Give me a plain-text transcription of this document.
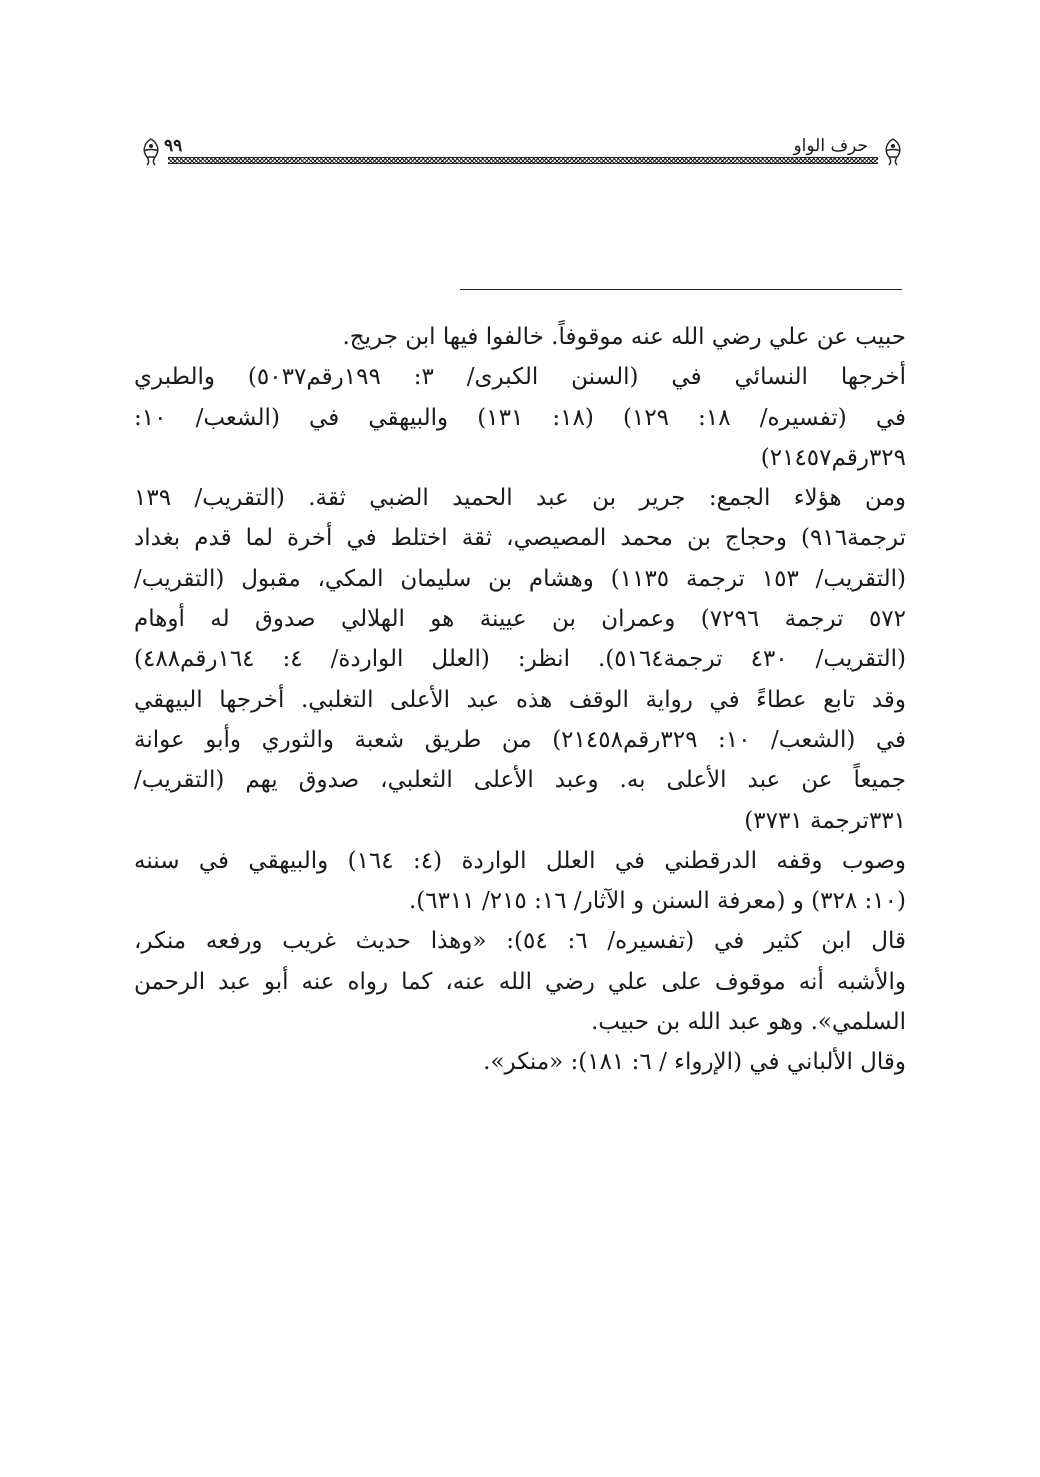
حرف الواو
٩٩

حبيب عن علي رضي الله عنه موقوفاً. خالفوا فيها ابن جريج.

أخرجها النسائي في (السنن الكبرى/ ٣: ١٩٩رقم٥٠٣٧) والطبري
في (تفسيره/ ١٨: ١٢٩) (١٨: ١٣١) والبيهقي في (الشعب/ ١٠:
٣٢٩رقم٢١٤٥٧)

ومن هؤلاء الجمع: جرير بن عبد الحميد الضبي ثقة. (التقريب/ ١٣٩
ترجمة٩١٦) وحجاج بن محمد المصيصي، ثقة اختلط في أخرة لما قدم بغداد
(التقريب/ ١٥٣ ترجمة ١١٣٥) وهشام بن سليمان المكي، مقبول (التقريب/
٥٧٢ ترجمة ٧٢٩٦) وعمران بن عيينة هو الهلالي صدوق له أوهام
(التقريب/ ٤٣٠ ترجمة٥١٦٤). انظر: (العلل الواردة/ ٤: ١٦٤رقم٤٨٨)
وقد تابع عطاءً في رواية الوقف هذه عبد الأعلى التغلبي. أخرجها البيهقي
في (الشعب/ ١٠: ٣٢٩رقم٢١٤٥٨) من طريق شعبة والثوري وأبو عوانة
جميعاً عن عبد الأعلى به. وعبد الأعلى الثعلبي، صدوق يهم (التقريب/
٣٣١ترجمة ٣٧٣١)

وصوب وقفه الدرقطني في العلل الواردة (٤: ١٦٤) والبيهقي في سننه
(١٠: ٣٢٨) و (معرفة السنن و الآثار/ ١٦: ٢١٥/ ٦٣١١).

قال ابن كثير في (تفسيره/ ٦: ٥٤): «وهذا حديث غريب ورفعه منكر،
والأشبه أنه موقوف على علي رضي الله عنه، كما رواه عنه أبو عبد الرحمن
السلمي». وهو عبد الله بن حبيب.

وقال الألباني في (الإرواء / ٦: ١٨١): «منكر».
